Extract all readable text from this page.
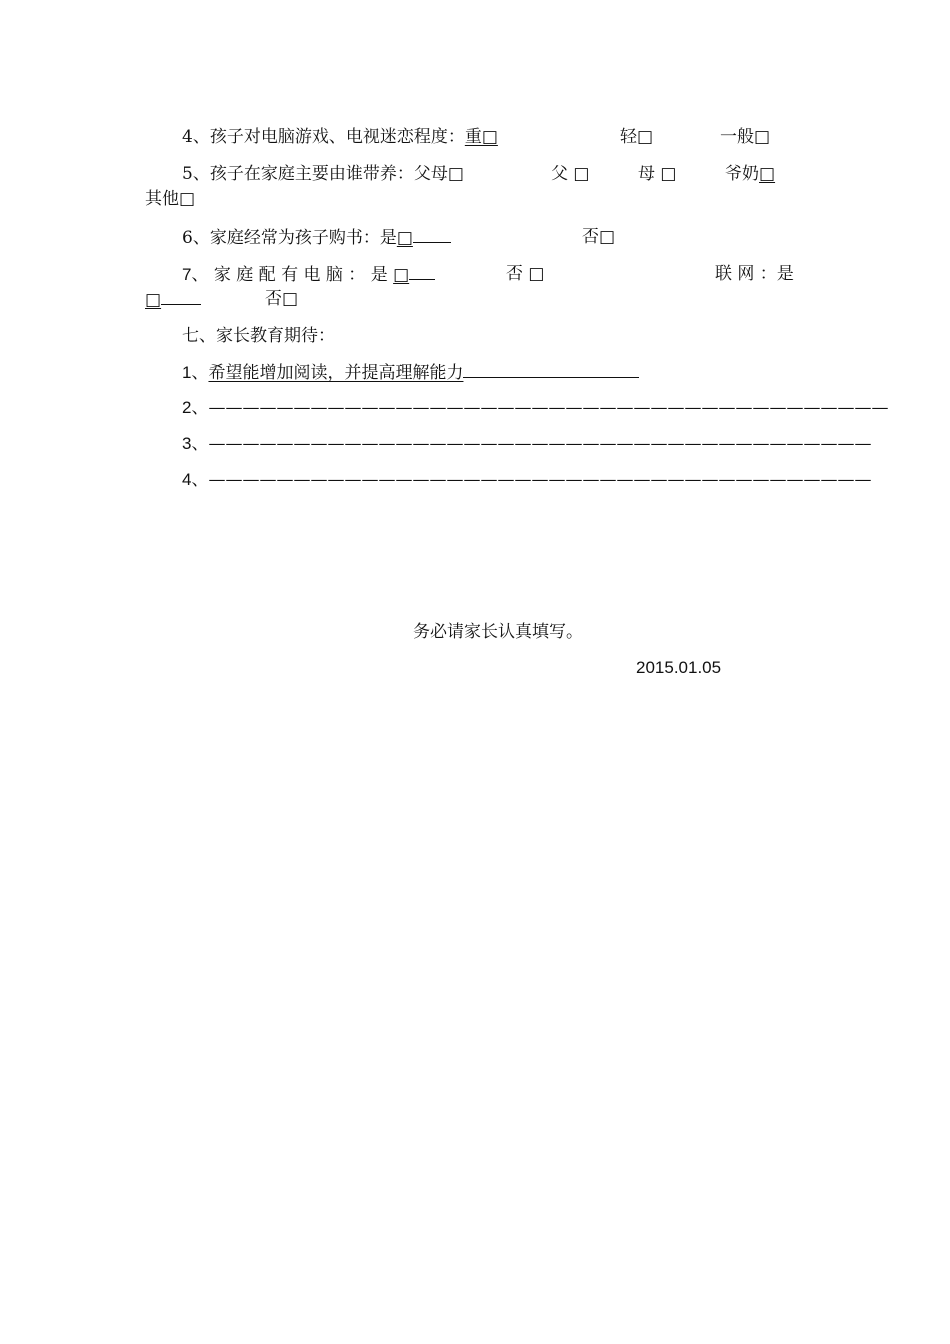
4、孩子对电脑游戏、电视迷恋程度：重□	轻□	一般□
5、孩子在家庭主要由谁带养：父母□	父 □	母 □	爷奶□
其他□
6、家庭经常为孩子购书：是□	否□
7、 家 庭 配 有 电 脑 ： 是 □	否 □	联 网 ：是
□	否□
七、家长教育期待：
1、希望能增加阅读，并提高理解能力
2、————————————————————————————————————————
3、———————————————————————————————————————
4、———————————————————————————————————————
务必请家长认真填写。
2015.01.05
